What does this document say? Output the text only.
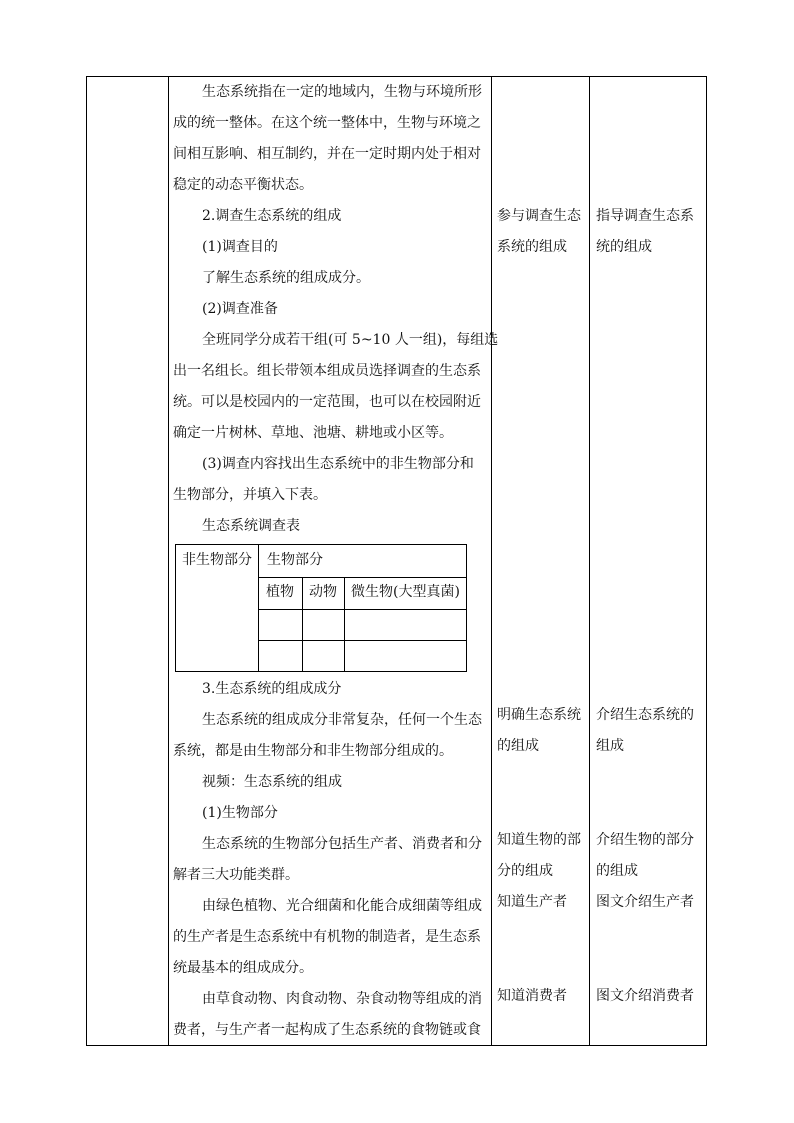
生态系统指在一定的地域内，生物与环境所形
成的统一整体。在这个统一整体中，生物与环境之
间相互影响、相互制约，并在一定时期内处于相对
稳定的动态平衡状态。
2.调查生态系统的组成
(1)调查目的
了解生态系统的组成成分。
(2)调查准备
全班同学分成若干组(可 5~10 人一组)，每组选
出一名组长。组长带领本组成员选择调查的生态系
统。可以是校园内的一定范围，也可以在校园附近
确定一片树林、草地、池塘、耕地或小区等。
(3)调查内容找出生态系统中的非生物部分和
生物部分，并填入下表。
生态系统调查表
非生物部分 生物部分
植物 动物 微生物(大型真菌)
3.生态系统的组成成分
生态系统的组成成分非常复杂，任何一个生态
系统，都是由生物部分和非生物部分组成的。
视频：生态系统的组成
(1)生物部分
生态系统的生物部分包括生产者、消费者和分
解者三大功能类群。
由绿色植物、光合细菌和化能合成细菌等组成
的生产者是生态系统中有机物的制造者，是生态系
统最基本的组成成分。
由草食动物、肉食动物、杂食动物等组成的消
费者，与生产者一起构成了生态系统的食物链或食
参与调查生态
系统的组成
明确生态系统
的组成
知道生物的部
分的组成
知道生产者
知道消费者
指导调查生态系
统的组成
介绍生态系统的
组成
介绍生物的部分
的组成
图文介绍生产者
图文介绍消费者
